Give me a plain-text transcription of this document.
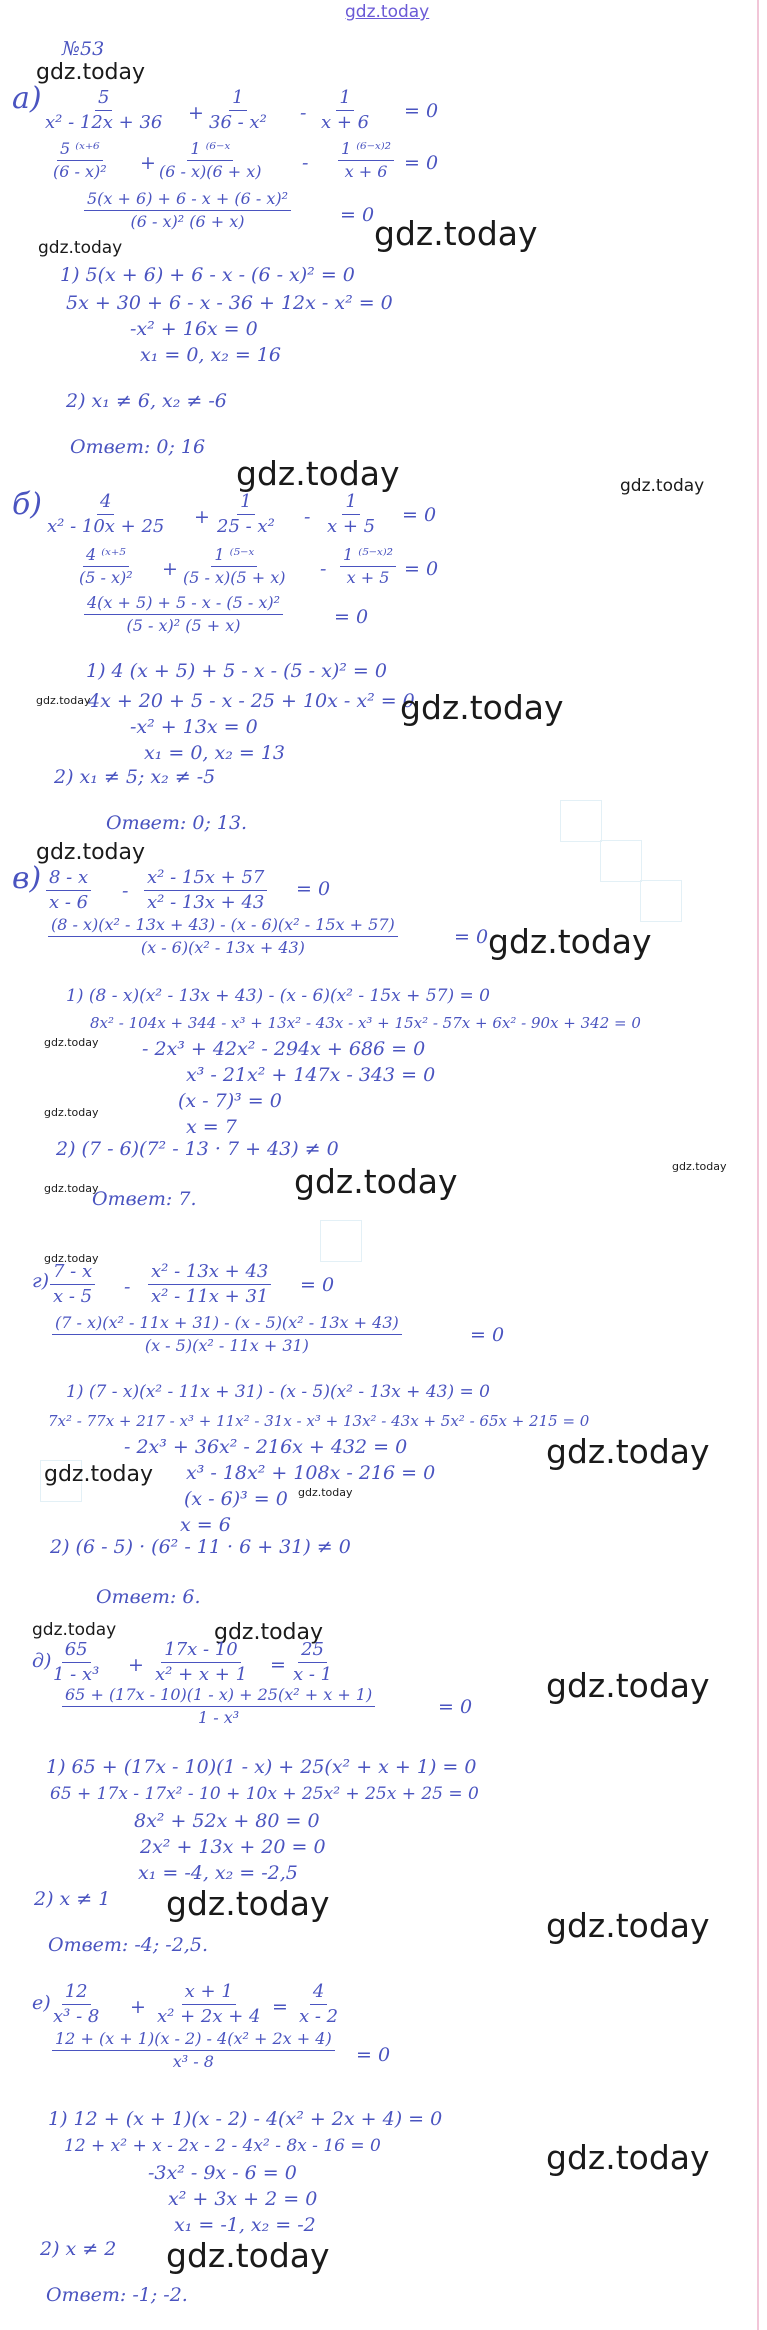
gdz.today
№53
gdz.today
$а) \frac{5}{\text{x² - 12x + 36}} + \frac{1}{\text{36 - x²}} - \frac{1}{x + 6} = 0$
$\frac{\text{5 ⁽ˣ⁺⁶}}{\text{(6 - x)²}} + \frac{\text{1 ⁽⁶⁻ˣ}}{(6 - x)(6 + x)} - \frac{\text{1 ⁽⁶⁻ˣ⁾²}}{x + 6} = 0$
$\frac{\text{5(x + 6) + 6 - x + (6 - x)²}}{\text{(6 - x)² (6 + x)}}$	= 0 gdz.today
gdz.today
1) 5(x + 6) + 6 - x - (6 - x)² = 0
5x + 30 + 6 - x - 36 + 12x - x² = 0
-x² + 16x = 0
x₁ = 0, x₂ = 16
2) x₁ ≠ 6, x₂ ≠ -6
Ответ: 0; 16
gdz.today	gdz.today
$б) \frac{4}{\text{x² - 10x + 25}} + \frac{1}{\text{25 - x²}} - \frac{1}{x + 5} = 0$
$\frac{\text{4 ⁽ˣ⁺⁵}}{\text{(5 - x)²}} + \frac{\text{1 ⁽⁵⁻ˣ}}{(5 - x)(5 + x)} - \frac{\text{1 ⁽⁵⁻ˣ⁾²}}{x + 5} = 0$
$\frac{\text{4(x + 5) + 5 - x - (5 - x)²}}{\text{(5 - x)² (5 + x)}}$	= 0
1) 4 (x + 5) + 5 - x - (5 - x)² = 0
gdz.today
4x + 20 + 5 - x - 25 + 10x - x² = 0
gdz.today
-x² + 13x = 0
x₁ = 0, x₂ = 13
2) x₁ ≠ 5; x₂ ≠ -5
Ответ: 0; 13.
gdz.today
$в) \frac{8 - x}{x - 6} - \frac{\text{x² - 15x + 57}}{\text{x² - 13x + 43}} = 0$
$\frac{\text{(8 - x)(x² - 13x + 43) - (x - 6)(x² - 15x + 57)}}{\text{(x - 6)(x² - 13x + 43)}}$	= 0 gdz.today
1) (8 - x)(x² - 13x + 43) - (x - 6)(x² - 15x + 57) = 0
8x² - 104x + 344 - x³ + 13x² - 43x - x³ + 15x² - 57x + 6x² - 90x + 342 = 0
gdz.today - 2x³ + 42x² - 294x + 686 = 0
x³ - 21x² + 147x - 343 = 0
(x - 7)³ = 0
gdz.today
x = 7
2) (7 - 6)(7² - 13 · 7 + 43) ≠ 0
gdz.today
gdz.today
gdz.today
Ответ: 7.
gdz.today
$г) \frac{7 - x}{x - 5} - \frac{\text{x² - 13x + 43}}{\text{x² - 11x + 31}} = 0$
$\frac{\text{(7 - x)(x² - 11x + 31) - (x - 5)(x² - 13x + 43)}}{\text{(x - 5)(x² - 11x + 31)}}$	= 0
1) (7 - x)(x² - 11x + 31) - (x - 5)(x² - 13x + 43) = 0
7x² - 77x + 217 - x³ + 11x² - 31x - x³ + 13x² - 43x + 5x² - 65x + 215 = 0
- 2x³ + 36x² - 216x + 432 = 0	gdz.today
gdz.today x³ - 18x² + 108x - 216 = 0
gdz.today
(x - 6)³ = 0
x = 6
2) (6 - 5) · (6² - 11 · 6 + 31) ≠ 0
Ответ: 6.
gdz.today	gdz.today
д)
$\frac{65}{\text{1 - x³}} + \frac{17x - 10}{\text{x² + x + 1}} = \frac{25}{x - 1}$
gdz.today
$\frac{\text{65 + (17x - 10)(1 - x) + 25(x² + x + 1)}}{\text{1 - x³}}$	= 0
1) 65 + (17x - 10)(1 - x) + 25(x² + x + 1) = 0
65 + 17x - 17x² - 10 + 10x + 25x² + 25x + 25 = 0
8x² + 52x + 80 = 0
2x² + 13x + 20 = 0
x₁ = -4, x₂ = -2,5
2) x ≠ 1 gdz.today
gdz.today
Ответ: -4; -2,5.
$е) \frac{12}{\text{x³ - 8}} + \frac{x + 1}{\text{x² + 2x + 4}} = \frac{4}{x - 2}$
$\frac{\text{12 + (x + 1)(x - 2) - 4(x² + 2x + 4)}}{\text{x³ - 8}} = 0$
1) 12 + (x + 1)(x - 2) - 4(x² + 2x + 4) = 0
gdz.today
12 + x² + x - 2x - 2 - 4x² - 8x - 16 = 0
-3x² - 9x - 6 = 0
x² + 3x + 2 = 0
x₁ = -1, x₂ = -2
2) x ≠ 2 gdz.today
Ответ: -1; -2.
